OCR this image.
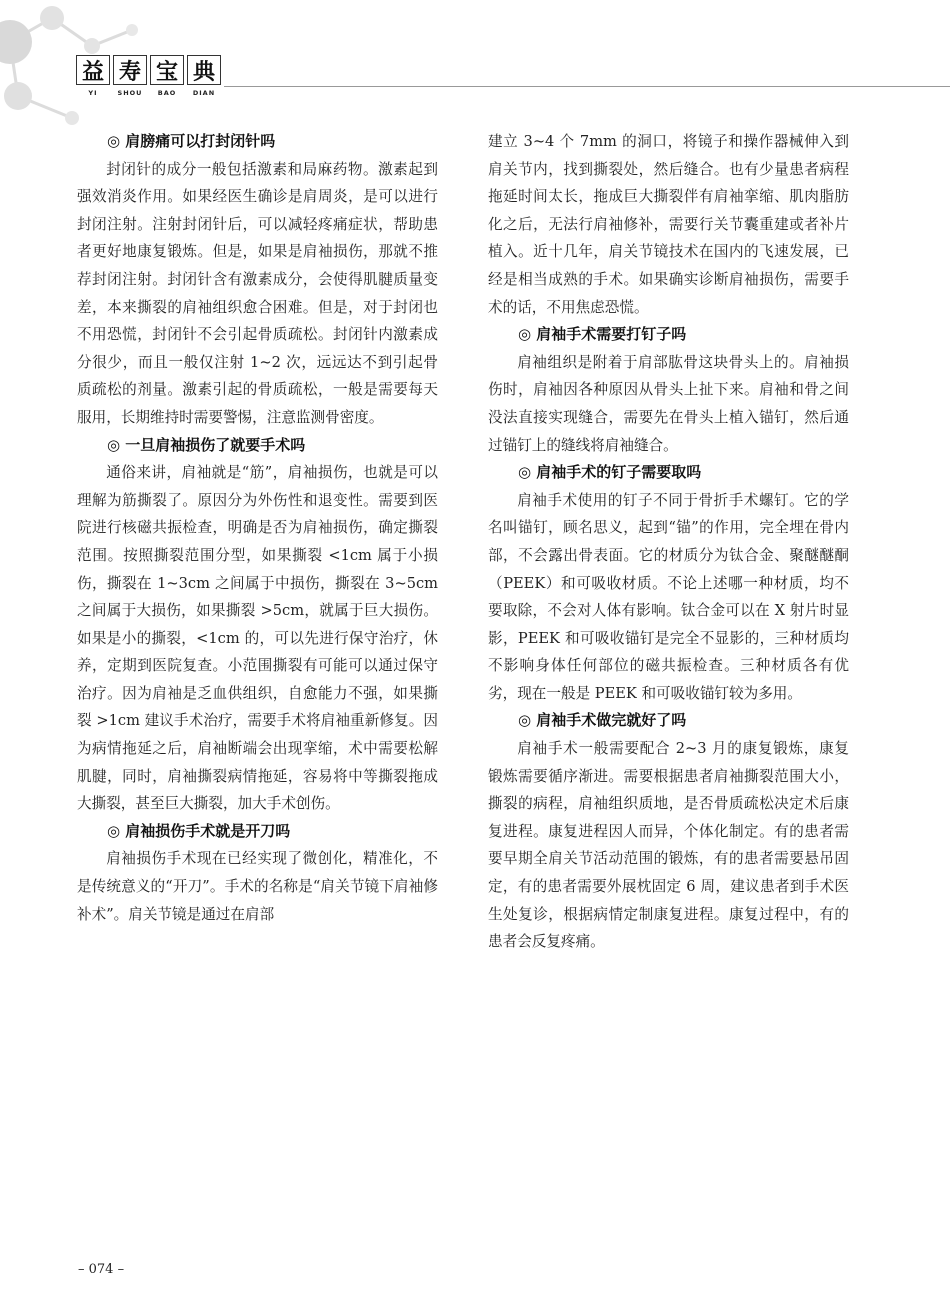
益 寿 宝 典
YI	SHOU	BAO	DIAN
◎ 肩膀痛可以打封闭针吗

封闭针的成分一般包括激素和局麻药物。激素起到强效消炎作用。如果经医生确诊是肩周炎，是可以进行封闭注射。注射封闭针后，可以减轻疼痛症状，帮助患者更好地康复锻炼。但是，如果是肩袖损伤，那就不推荐封闭注射。封闭针含有激素成分，会使得肌腱质量变差，本来撕裂的肩袖组织愈合困难。但是，对于封闭也不用恐慌，封闭针不会引起骨质疏松。封闭针内激素成分很少，而且一般仅注射 1~2 次，远远达不到引起骨质疏松的剂量。激素引起的骨质疏松，一般是需要每天服用，长期维持时需要警惕，注意监测骨密度。

◎ 一旦肩袖损伤了就要手术吗

通俗来讲，肩袖就是“筋”，肩袖损伤，也就是可以理解为筋撕裂了。原因分为外伤性和退变性。需要到医院进行核磁共振检查，明确是否为肩袖损伤，确定撕裂范围。按照撕裂范围分型，如果撕裂 <1cm 属于小损伤，撕裂在 1~3cm 之间属于中损伤，撕裂在 3~5cm 之间属于大损伤，如果撕裂 >5cm，就属于巨大损伤。如果是小的撕裂，<1cm 的，可以先进行保守治疗，休养，定期到医院复查。小范围撕裂有可能可以通过保守治疗。因为肩袖是乏血供组织，自愈能力不强，如果撕裂 >1cm 建议手术治疗，需要手术将肩袖重新修复。因为病情拖延之后，肩袖断端会出现挛缩，术中需要松解肌腱，同时，肩袖撕裂病情拖延，容易将中等撕裂拖成大撕裂，甚至巨大撕裂，加大手术创伤。

◎ 肩袖损伤手术就是开刀吗

肩袖损伤手术现在已经实现了微创化，精准化，不是传统意义的“开刀”。手术的名称是“肩关节镜下肩袖修补术”。肩关节镜是通过在肩部

建立 3~4 个 7mm 的洞口，将镜子和操作器械伸入到肩关节内，找到撕裂处，然后缝合。也有少量患者病程拖延时间太长，拖成巨大撕裂伴有肩袖挛缩、肌肉脂肪化之后，无法行肩袖修补，需要行关节囊重建或者补片植入。近十几年，肩关节镜技术在国内的飞速发展，已经是相当成熟的手术。如果确实诊断肩袖损伤，需要手术的话，不用焦虑恐慌。

◎ 肩袖手术需要打钉子吗

肩袖组织是附着于肩部肱骨这块骨头上的。肩袖损伤时，肩袖因各种原因从骨头上扯下来。肩袖和骨之间没法直接实现缝合，需要先在骨头上植入锚钉，然后通过锚钉上的缝线将肩袖缝合。

◎ 肩袖手术的钉子需要取吗

肩袖手术使用的钉子不同于骨折手术螺钉。它的学名叫锚钉，顾名思义，起到“锚”的作用，完全埋在骨内部，不会露出骨表面。它的材质分为钛合金、聚醚醚酮（PEEK）和可吸收材质。不论上述哪一种材质，均不要取除，不会对人体有影响。钛合金可以在 X 射片时显影，PEEK 和可吸收锚钉是完全不显影的，三种材质均不影响身体任何部位的磁共振检查。三种材质各有优劣，现在一般是 PEEK 和可吸收锚钉较为多用。

◎ 肩袖手术做完就好了吗

肩袖手术一般需要配合 2~3 月的康复锻炼，康复锻炼需要循序渐进。需要根据患者肩袖撕裂范围大小，撕裂的病程，肩袖组织质地，是否骨质疏松决定术后康复进程。康复进程因人而异，个体化制定。有的患者需要早期全肩关节活动范围的锻炼，有的患者需要悬吊固定，有的患者需要外展枕固定 6 周，建议患者到手术医生处复诊，根据病情定制康复进程。康复过程中，有的患者会反复疼痛。

– 074 –
